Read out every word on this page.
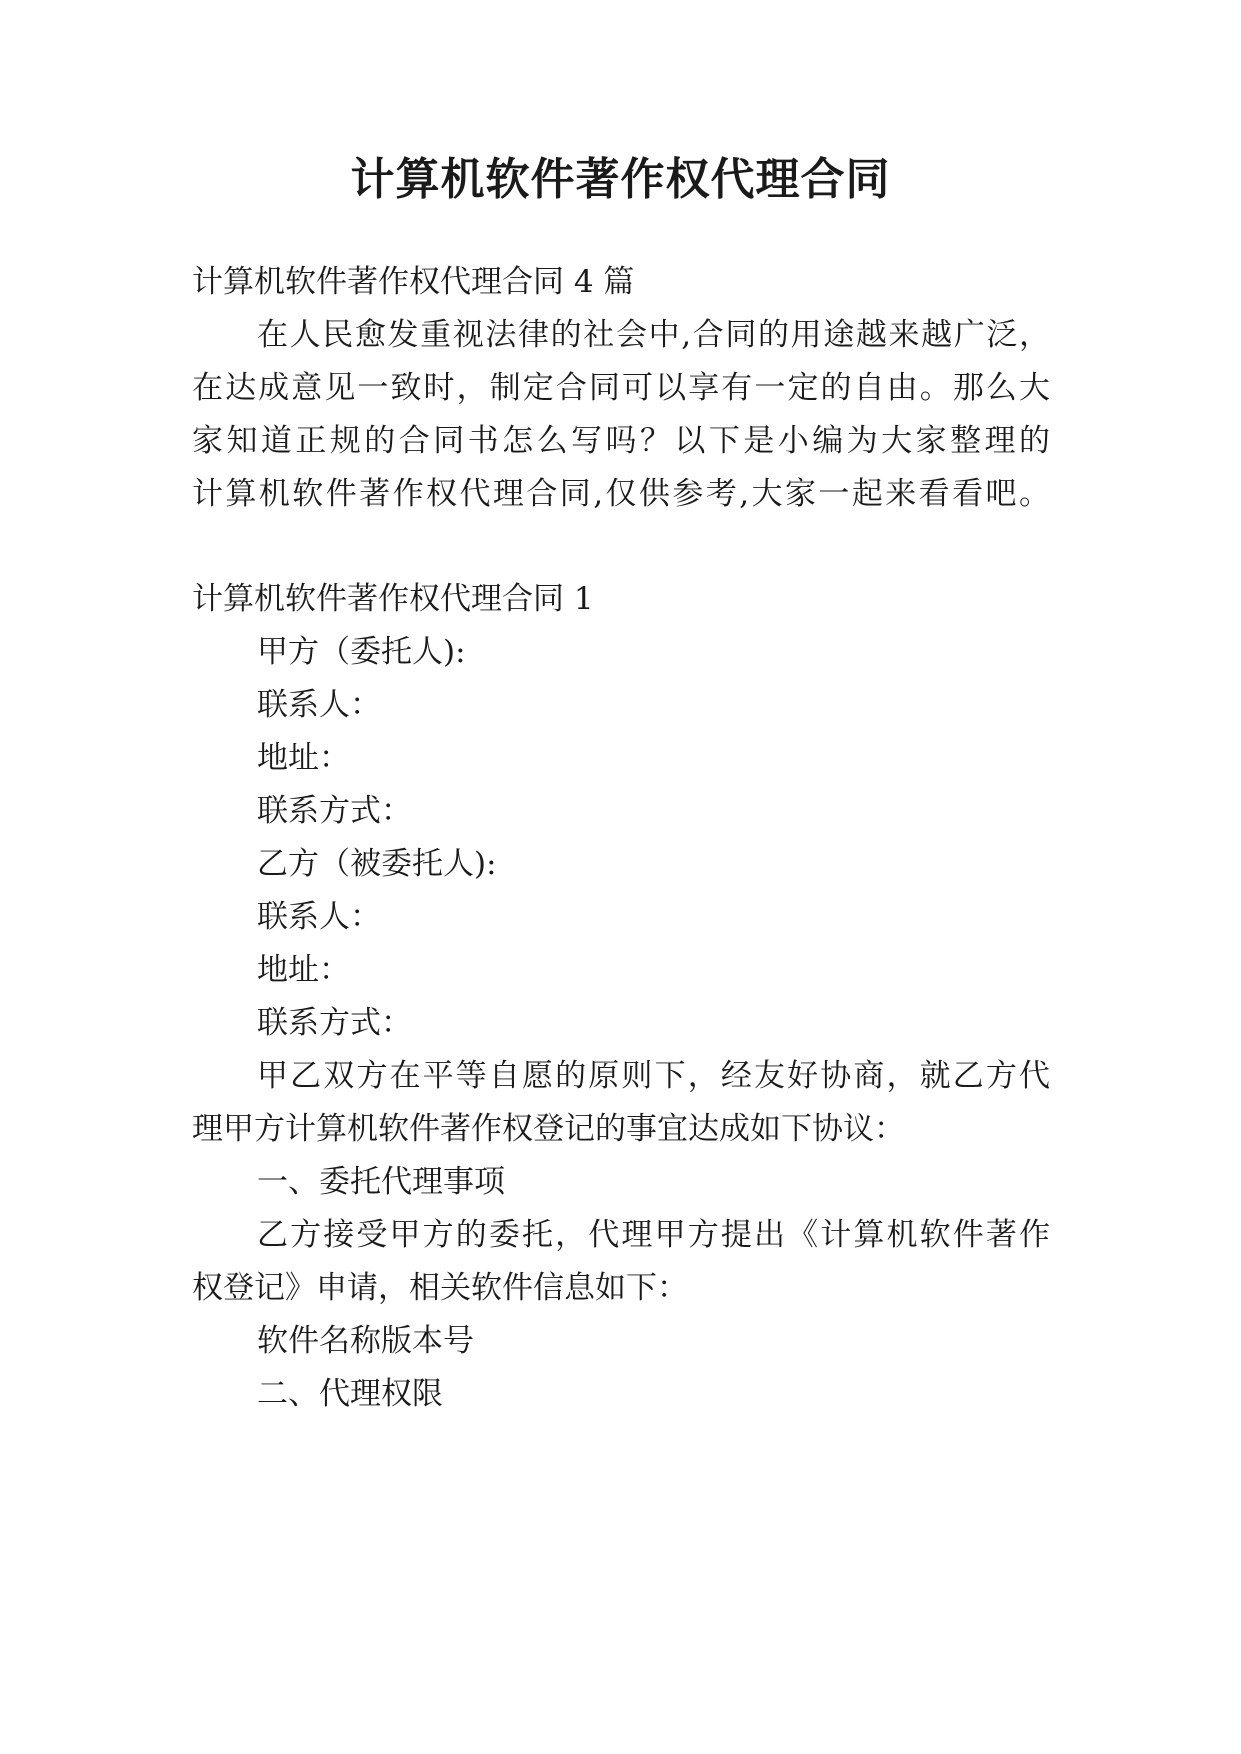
计算机软件著作权代理合同

计算机软件著作权代理合同 4 篇

在人民愈发重视法律的社会中,合同的用途越来越广泛，

在达成意见一致时，制定合同可以享有一定的自由。那么大

家知道正规的合同书怎么写吗？以下是小编为大家整理的

计算机软件著作权代理合同,仅供参考,大家一起来看看吧。

计算机软件著作权代理合同 1

甲方（委托人):

联系人：

地址：

联系方式：

乙方（被委托人):

联系人：

地址：

联系方式：

甲乙双方在平等自愿的原则下，经友好协商，就乙方代

理甲方计算机软件著作权登记的事宜达成如下协议：

一、委托代理事项

乙方接受甲方的委托，代理甲方提出《计算机软件著作

权登记》申请，相关软件信息如下：

软件名称版本号

二、代理权限
